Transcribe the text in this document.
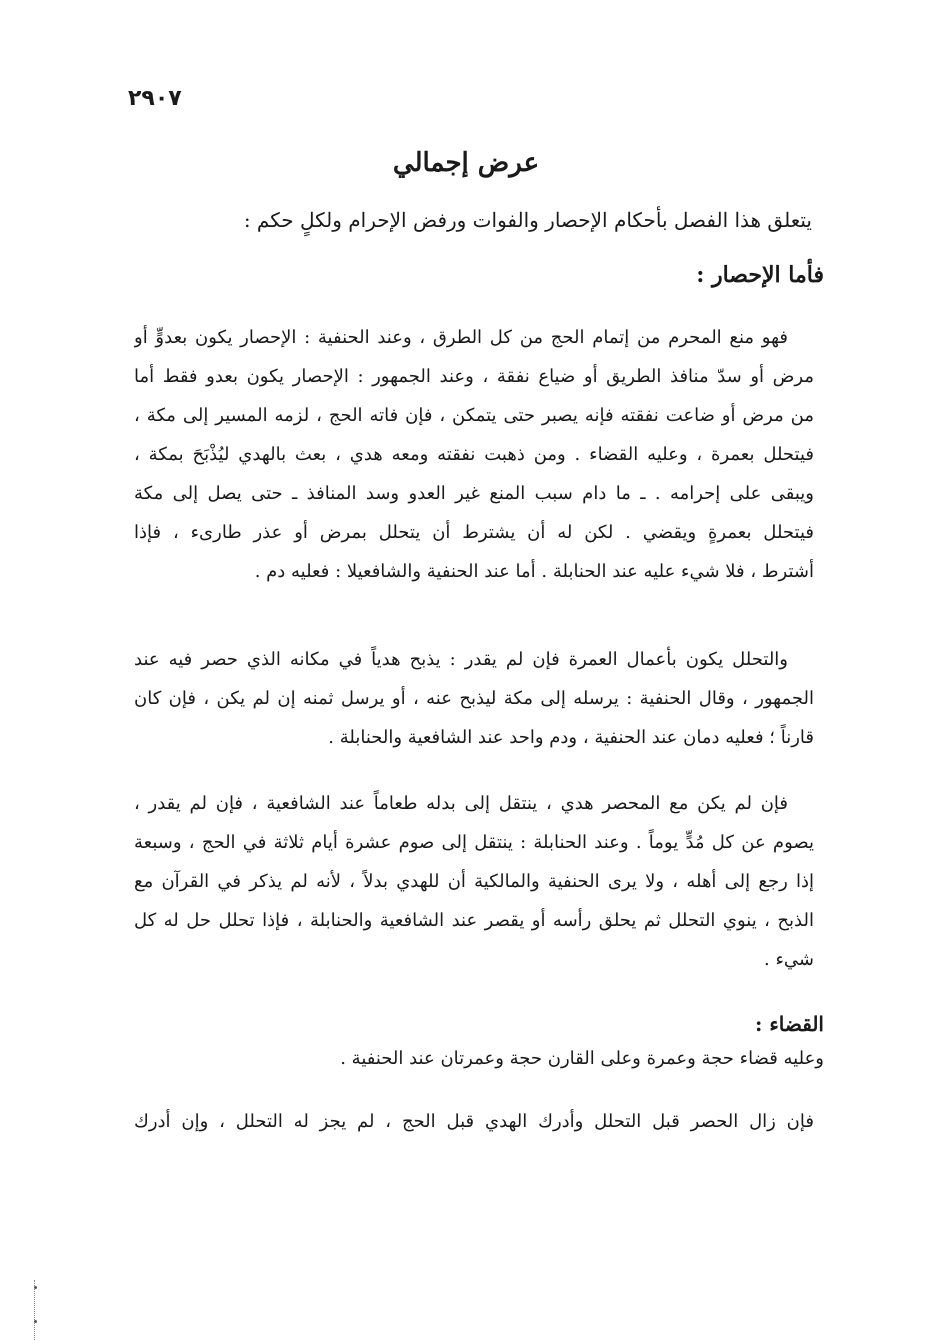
٢٩٠٧
عرض إجمالي
يتعلق هذا الفصل بأحكام الإحصار والفوات ورفض الإحرام ولكلٍ حكم :
فأما الإحصار :
فهو منع المحرم من إتمام الحج من كل الطرق ، وعند الحنفية : الإحصار يكون بعدوٍّ أو
مرض أو سدّ منافذ الطريق أو ضياع نفقة ، وعند الجمهور : الإحصار يكون بعدو فقط أما
من مرض أو ضاعت نفقته فإنه يصبر حتى يتمكن ، فإن فاته الحج ، لزمه المسير إلى مكة ،
فيتحلل بعمرة ، وعليه القضاء . ومن ذهبت نفقته ومعه هدي ، بعث بالهدي ليُذْبَحَ بمكة ،
ويبقى على إحرامه . ـ ما دام سبب المنع غير العدو وسد المنافذ ـ حتى يصل إلى مكة
فيتحلل بعمرةٍ ويقضي . لكن له أن يشترط أن يتحلل بمرض أو عذر طارىء ، فإذا
أشترط ، فلا شيء عليه عند الحنابلة . أما عند الحنفية والشافعيلا : فعليه دم .
والتحلل يكون بأعمال العمرة فإن لم يقدر : يذبح هدياً في مكانه الذي حصر فيه عند
الجمهور ، وقال الحنفية : يرسله إلى مكة ليذبح عنه ، أو يرسل ثمنه إن لم يكن ، فإن كان
قارناً ؛ فعليه دمان عند الحنفية ، ودم واحد عند الشافعية والحنابلة .
فإن لم يكن مع المحصر هدي ، ينتقل إلى بدله طعاماً عند الشافعية ، فإن لم يقدر ،
يصوم عن كل مُدٍّ يوماً . وعند الحنابلة : ينتقل إلى صوم عشرة أيام ثلاثة في الحج ، وسبعة
إذا رجع إلى أهله ، ولا يرى الحنفية والمالكية أن للهدي بدلاً ، لأنه لم يذكر في القرآن مع
الذبح ، ينوي التحلل ثم يحلق رأسه أو يقصر عند الشافعية والحنابلة ، فإذا تحلل حل له كل
شيء .
القضاء :
وعليه قضاء حجة وعمرة وعلى القارن حجة وعمرتان عند الحنفية .
فإن زال الحصر قبل التحلل وأدرك الهدي قبل الحج ، لم يجز له التحلل ، وإن أدرك
